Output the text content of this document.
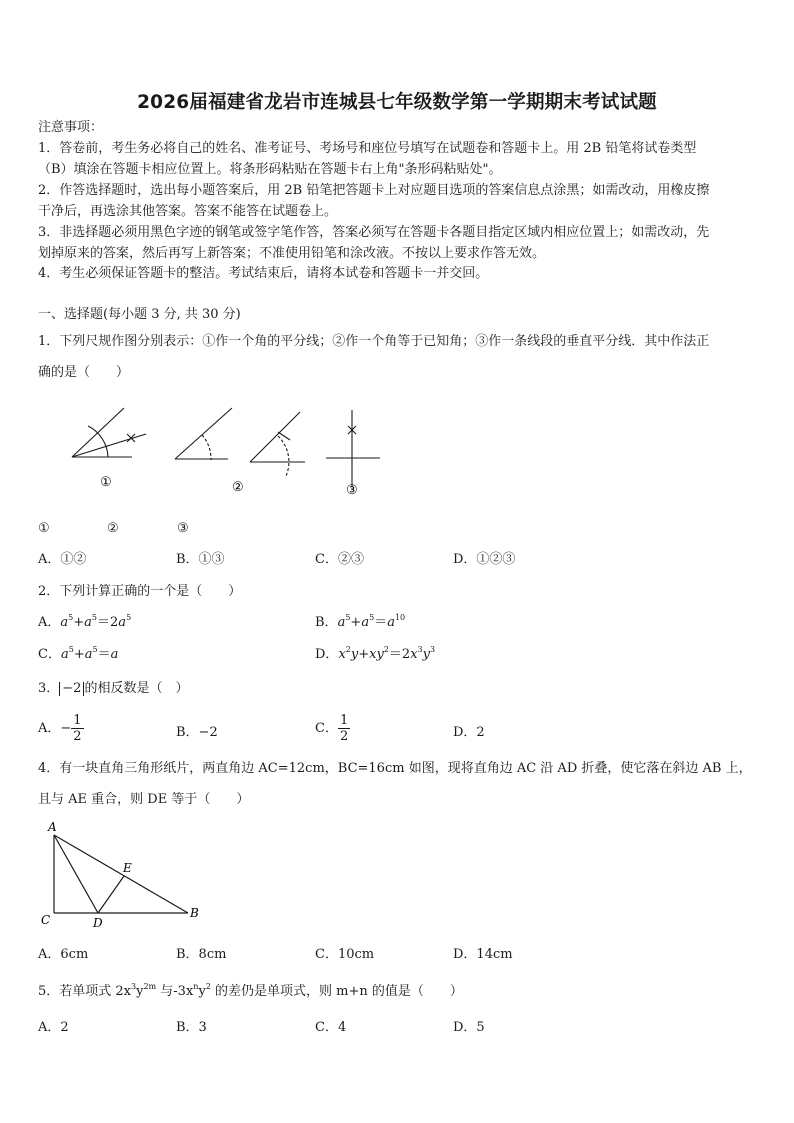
2026届福建省龙岩市连城县七年级数学第一学期期末考试试题
注意事项：
1．答卷前，考生务必将自己的姓名、准考证号、考场号和座位号填写在试题卷和答题卡上。用 2B 铅笔将试卷类型
（B）填涂在答题卡相应位置上。将条形码粘贴在答题卡右上角"条形码粘贴处"。
2．作答选择题时，选出每小题答案后，用 2B 铅笔把答题卡上对应题目选项的答案信息点涂黑；如需改动，用橡皮擦
干净后，再选涂其他答案。答案不能答在试题卷上。
3．非选择题必须用黑色字迹的钢笔或签字笔作答，答案必须写在答题卡各题目指定区域内相应位置上；如需改动，先
划掉原来的答案，然后再写上新答案；不准使用铅笔和涂改液。不按以上要求作答无效。
4．考生必须保证答题卡的整洁。考试结束后，请将本试卷和答题卡一并交回。
一、选择题(每小题 3 分, 共 30 分)
1．下列尺规作图分别表示：①作一个角的平分线；②作一个角等于已知角；③作一条线段的垂直平分线．其中作法正
确的是（　　）
①	②	③
①	②	③
A．①②	B．①③	C．②③	D．①②③
2．下列计算正确的一个是（　　）
A．$a^5+a^5=2a^5$	B．$a^5+a^5=a^{10}$
C．$a^5+a^5=a$	D．$x^2y+xy^2=2x^3y^3$
3． −2 的相反数是（　）
A．− $\frac{1}{2}$	B．−2	C． $\frac{1}{2}$	D．2
4．有一块直角三角形纸片，两直角边 AC=12cm，BC=16cm 如图，现将直角边 AC 沿 AD 折叠，使它落在斜边 AB 上，
且与 AE 重合，则 DE 等于（　　）
A
C	D
E
B
A．6cm	B．8cm	C．10cm	D．14cm
5．若单项式 $2x^3y^{2m}$ 与$-3x^ny^2$ 的差仍是单项式，则 m+n 的值是（　　）
A．2	B．3	C．4	D．5
